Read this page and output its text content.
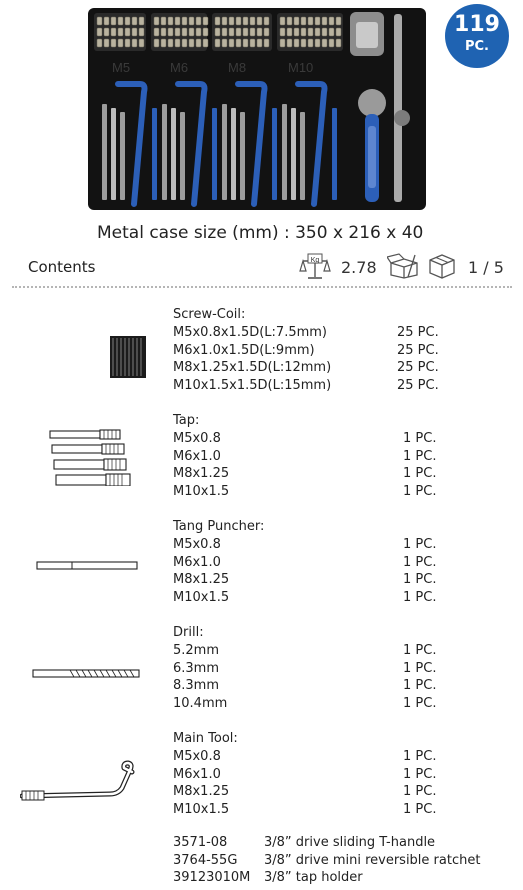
M5	M6	M8	M10
119
PC.
Metal case size (mm) : 350 x 216 x 40
Contents	Kg 2.78	1 / 5
Screw-Coil:
M5x0.8x1.5D(L:7.5mm)	25 PC.
M6x1.0x1.5D(L:9mm)	25 PC.
M8x1.25x1.5D(L:12mm)	25 PC.
M10x1.5x1.5D(L:15mm)	25 PC.
Tap:
M5x0.8	1 PC.
M6x1.0	1 PC.
M8x1.25	1 PC.
M10x1.5	1 PC.
Tang Puncher:
M5x0.8	1 PC.
M6x1.0	1 PC.
M8x1.25	1 PC.
M10x1.5	1 PC.
Drill:
5.2mm	1 PC.
6.3mm	1 PC.
8.3mm	1 PC.
10.4mm	1 PC.
Main Tool:
M5x0.8	1 PC.
M6x1.0	1 PC.
M8x1.25	1 PC.
M10x1.5	1 PC.
3571-08	3/8” drive sliding T-handle
3764-55G 3/8” drive mini reversible ratchet
39123010M 3/8” tap holder
